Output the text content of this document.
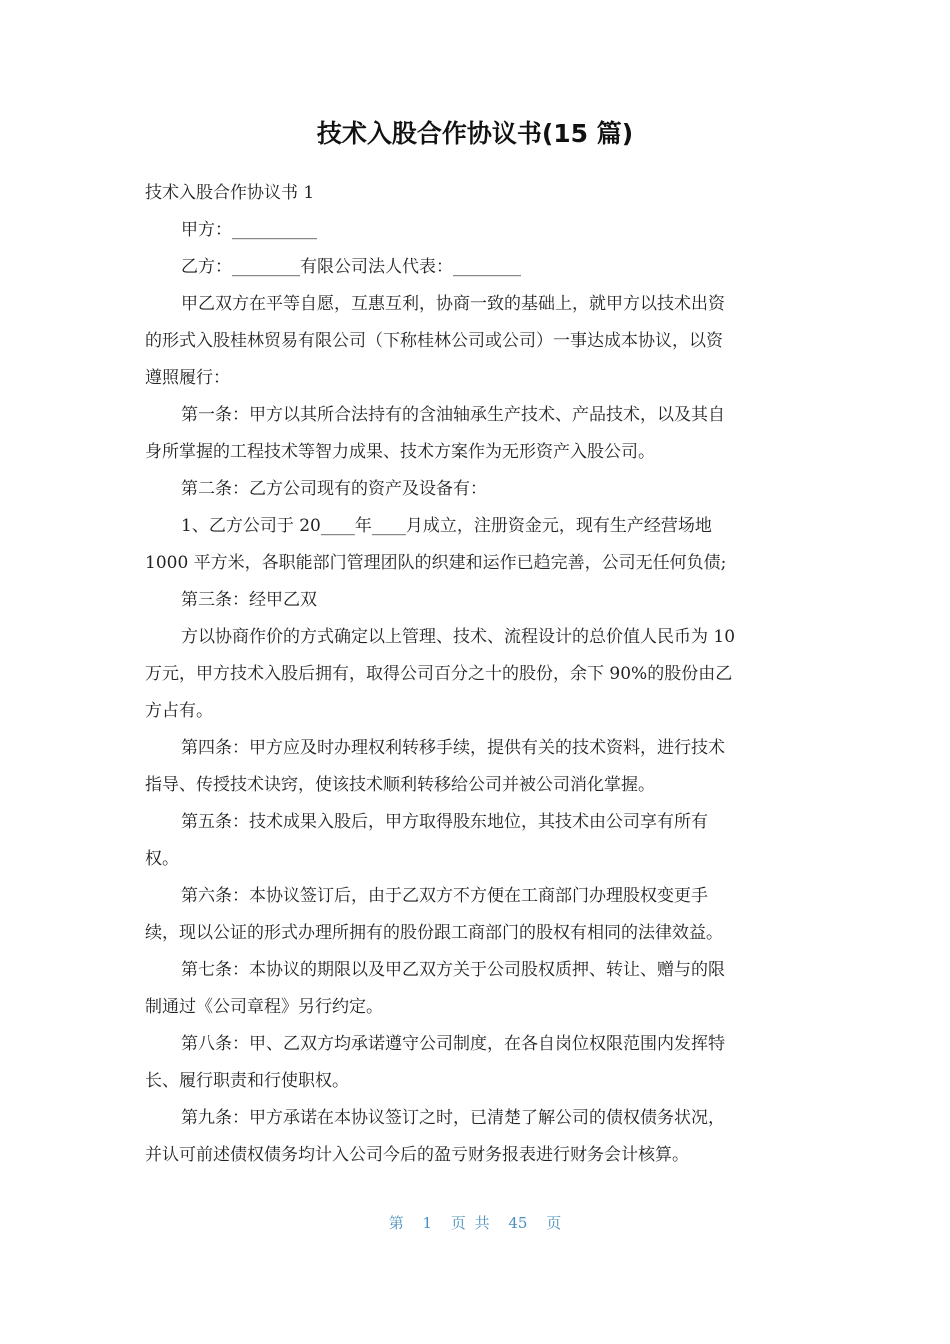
技术入股合作协议书(15 篇)
技术入股合作协议书 1
甲方：__________
乙方：________有限公司法人代表：________
甲乙双方在平等自愿，互惠互利，协商一致的基础上，就甲方以技术出资
的形式入股桂林贸易有限公司（下称桂林公司或公司）一事达成本协议，以资
遵照履行：
第一条：甲方以其所合法持有的含油轴承生产技术、产品技术，以及其自
身所掌握的工程技术等智力成果、技术方案作为无形资产入股公司。
第二条：乙方公司现有的资产及设备有：
1、乙方公司于 20____年____月成立，注册资金元，现有生产经营场地
1000 平方米，各职能部门管理团队的织建和运作已趋完善，公司无任何负债;
第三条：经甲乙双
方以协商作价的方式确定以上管理、技术、流程设计的总价值人民币为 10
万元，甲方技术入股后拥有，取得公司百分之十的股份，余下 90%的股份由乙
方占有。
第四条：甲方应及时办理权利转移手续，提供有关的技术资料，进行技术
指导、传授技术诀窍，使该技术顺利转移给公司并被公司消化掌握。
第五条：技术成果入股后，甲方取得股东地位，其技术由公司享有所有
权。
第六条：本协议签订后，由于乙双方不方便在工商部门办理股权变更手
续，现以公证的形式办理所拥有的股份跟工商部门的股权有相同的法律效益。
第七条：本协议的期限以及甲乙双方关于公司股权质押、转让、赠与的限
制通过《公司章程》另行约定。
第八条：甲、乙双方均承诺遵守公司制度，在各自岗位权限范围内发挥特
长、履行职责和行使职权。
第九条：甲方承诺在本协议签订之时，已清楚了解公司的债权债务状况，
并认可前述债权债务均计入公司今后的盈亏财务报表进行财务会计核算。
第 1 页 共 45 页
